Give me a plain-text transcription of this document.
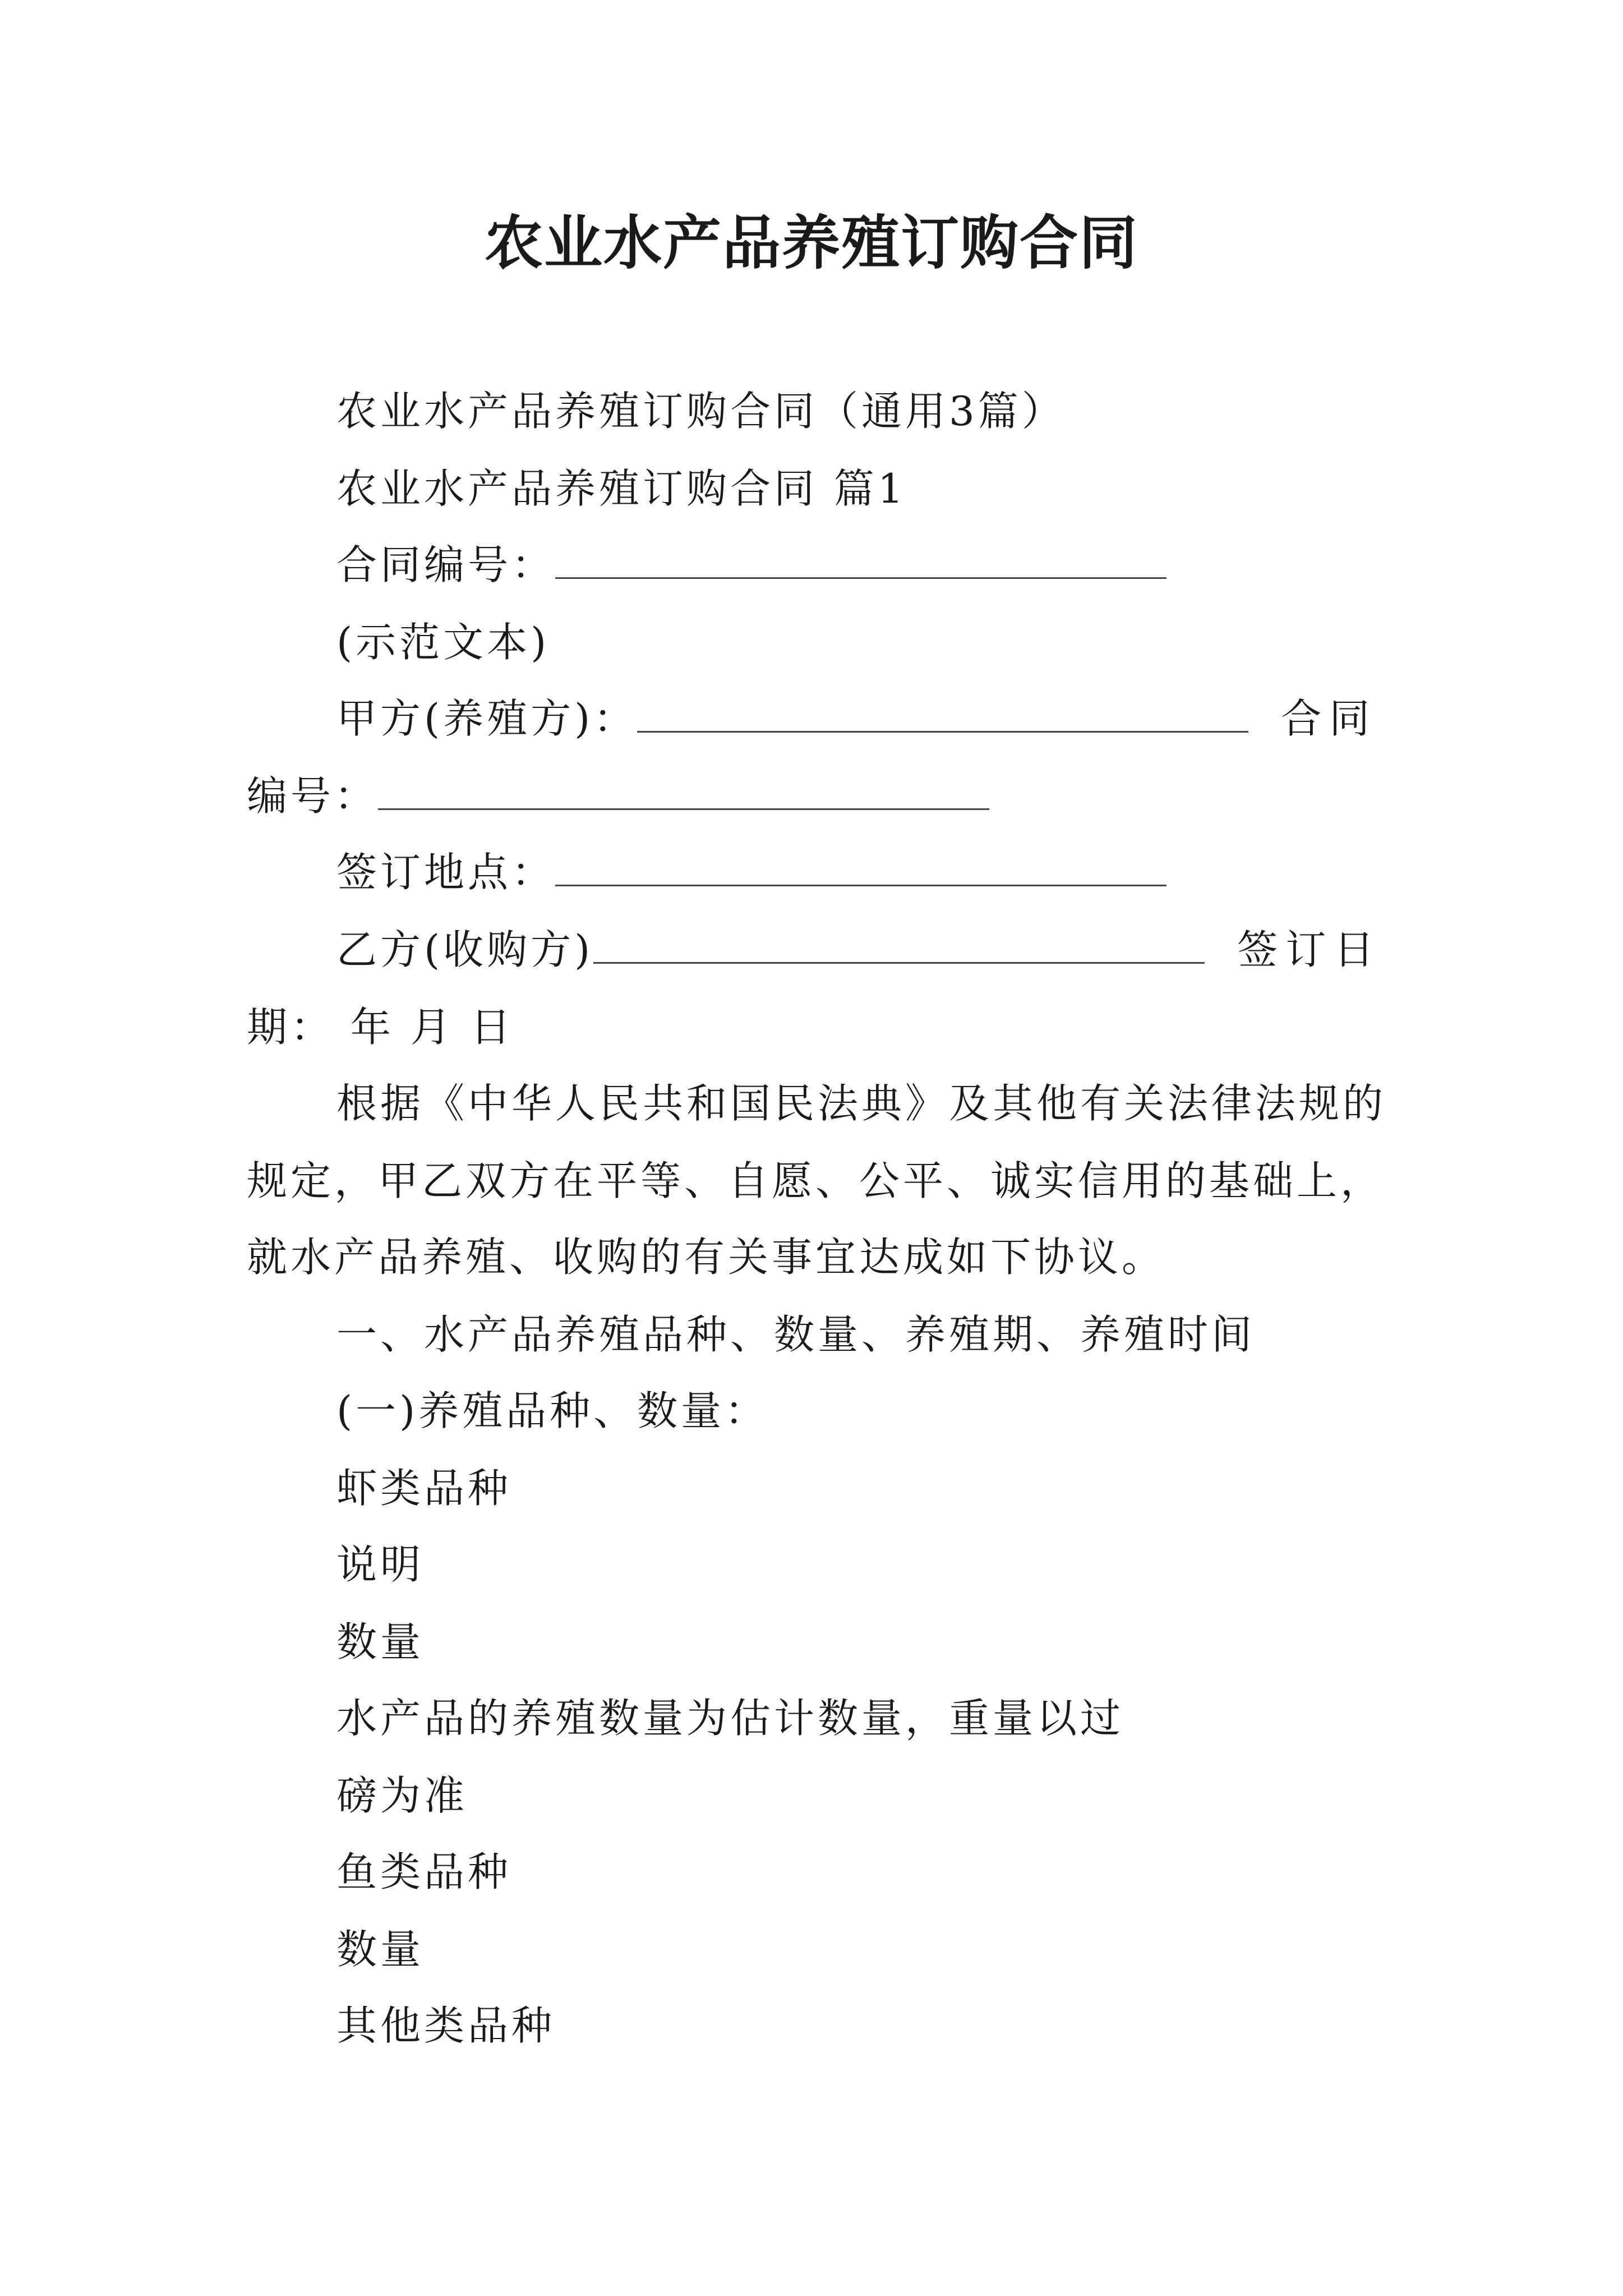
农业水产品养殖订购合同
农业水产品养殖订购合同（通用3篇）
农业水产品养殖订购合同 篇1
合同编号：
(示范文本)
甲方(养殖方)：	合同
编号：
签订地点：
乙方(收购方)	签订日
期： 年 月 日
根据《中华人民共和国民法典》及其他有关法律法规的
规定，甲乙双方在平等、自愿、公平、诚实信用的基础上，
就水产品养殖、收购的有关事宜达成如下协议。
一、水产品养殖品种、数量、养殖期、养殖时间
(一)养殖品种、数量：
虾类品种
说明
数量
水产品的养殖数量为估计数量，重量以过
磅为准
鱼类品种
数量
其他类品种
